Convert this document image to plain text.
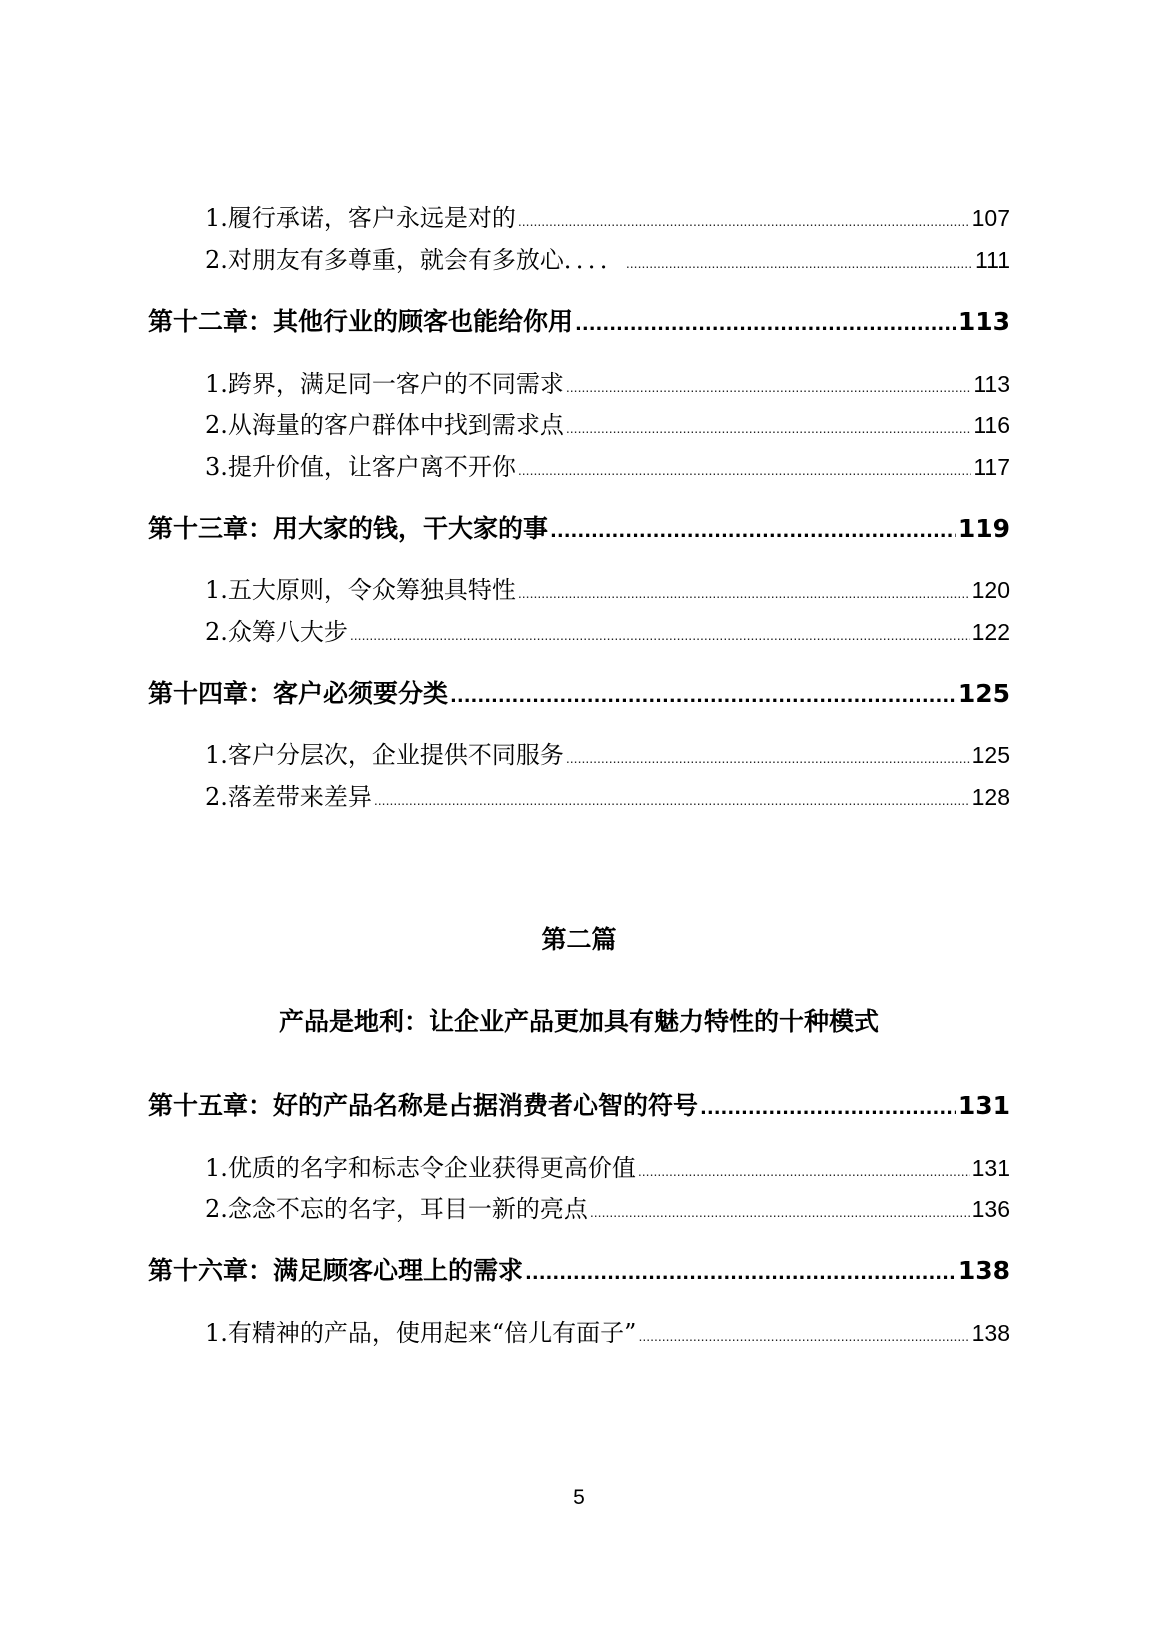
1.履行承诺，客户永远是对的 .....	107
2.对朋友有多尊重，就会有多放心．．．． .....	111
第十二章：其他行业的顾客也能给你用 .....	113
1.跨界，满足同一客户的不同需求 .....	113
2.从海量的客户群体中找到需求点 .....	116
3.提升价值，让客户离不开你 .....	117
第十三章：用大家的钱，干大家的事 .....	119
1.五大原则，令众筹独具特性 .....	120
2.众筹八大步 .....	122
第十四章：客户必须要分类 .....	125
1.客户分层次，企业提供不同服务 .....	125
2.落差带来差异 .....	128
第二篇
产品是地利：让企业产品更加具有魅力特性的十种模式
第十五章：好的产品名称是占据消费者心智的符号 .....	131
1.优质的名字和标志令企业获得更高价值 .....	131
2.念念不忘的名字，耳目一新的亮点 .....	136
第十六章：满足顾客心理上的需求 .....	138
1.有精神的产品，使用起来“倍儿有面子” .....	138
5
